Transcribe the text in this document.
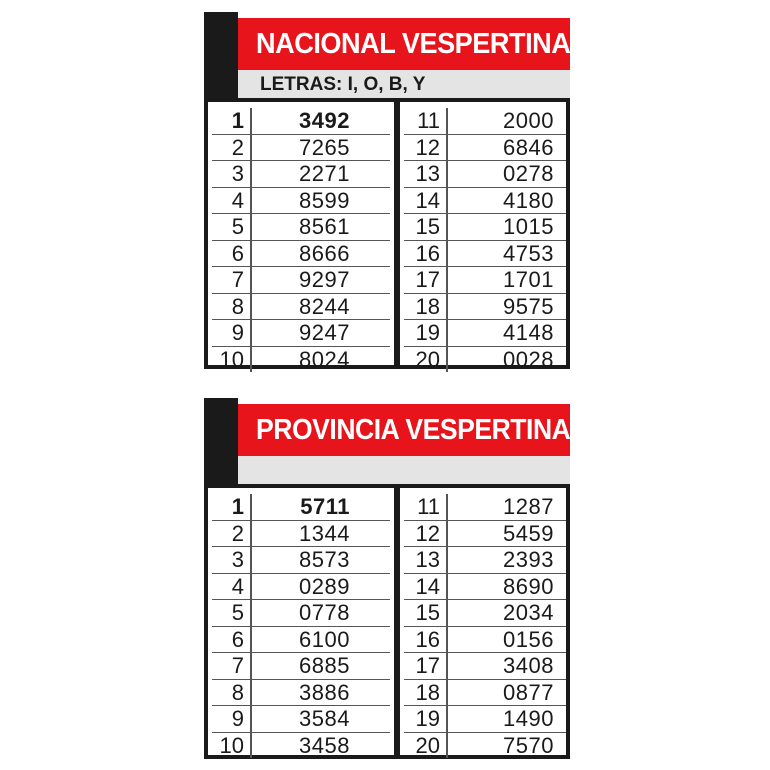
NACIONAL VESPERTINA
LETRAS: I, O, B, Y
1	3492
2	7265
3	2271
4	8599
5	8561
6	8666
7	9297
8	8244
9	9247
10	8024
11	2000
12	6846
13	0278
14	4180
15	1015
16	4753
17	1701
18	9575
19	4148
20	0028
PROVINCIA VESPERTINA
1	5711
2	1344
3	8573
4	0289
5	0778
6	6100
7	6885
8	3886
9	3584
10	3458
11	1287
12	5459
13	2393
14	8690
15	2034
16	0156
17	3408
18	0877
19	1490
20	7570
